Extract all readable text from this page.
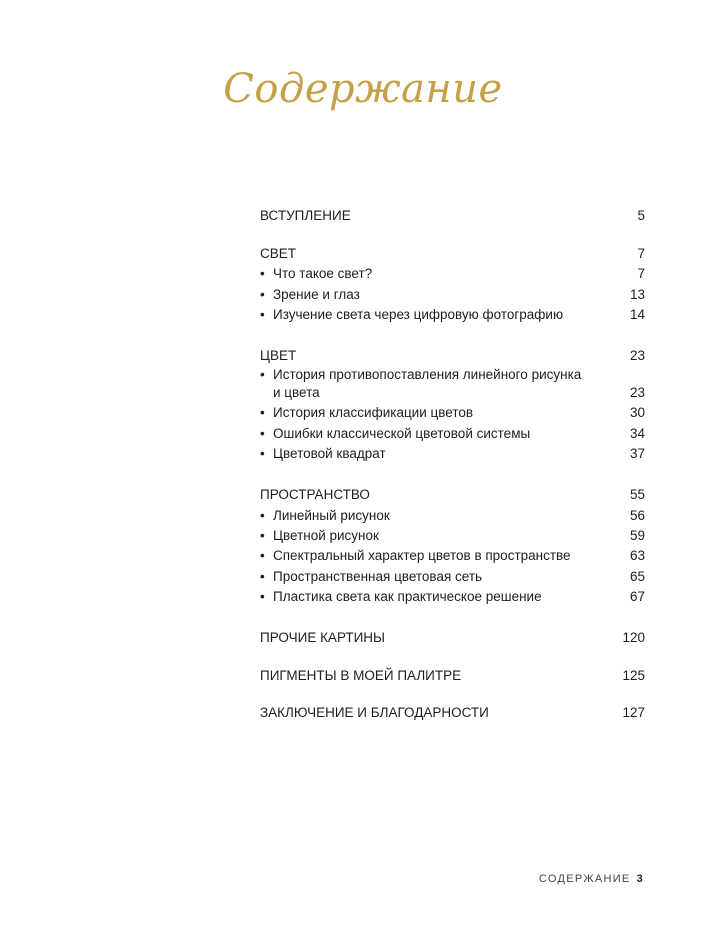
Содержание
ВСТУПЛЕНИЕ	5
СВЕТ	7
• Что такое свет?	7
• Зрение и глаз	13
• Изучение света через цифровую фотографию	14
ЦВЕТ	23
• История противопоставления линейного рисунка
и цвета	23
• История классификации цветов	30
• Ошибки классической цветовой системы	34
• Цветовой квадрат	37
ПРОСТРАНСТВО	55
• Линейный рисунок	56
• Цветной рисунок	59
• Спектральный характер цветов в пространстве	63
• Пространственная цветовая сеть	65
• Пластика света как практическое решение	67
ПРОЧИЕ КАРТИНЫ	120
ПИГМЕНТЫ В МОЕЙ ПАЛИТРЕ	125
ЗАКЛЮЧЕНИЕ И БЛАГОДАРНОСТИ	127
СОДЕРЖАНИЕ 3
